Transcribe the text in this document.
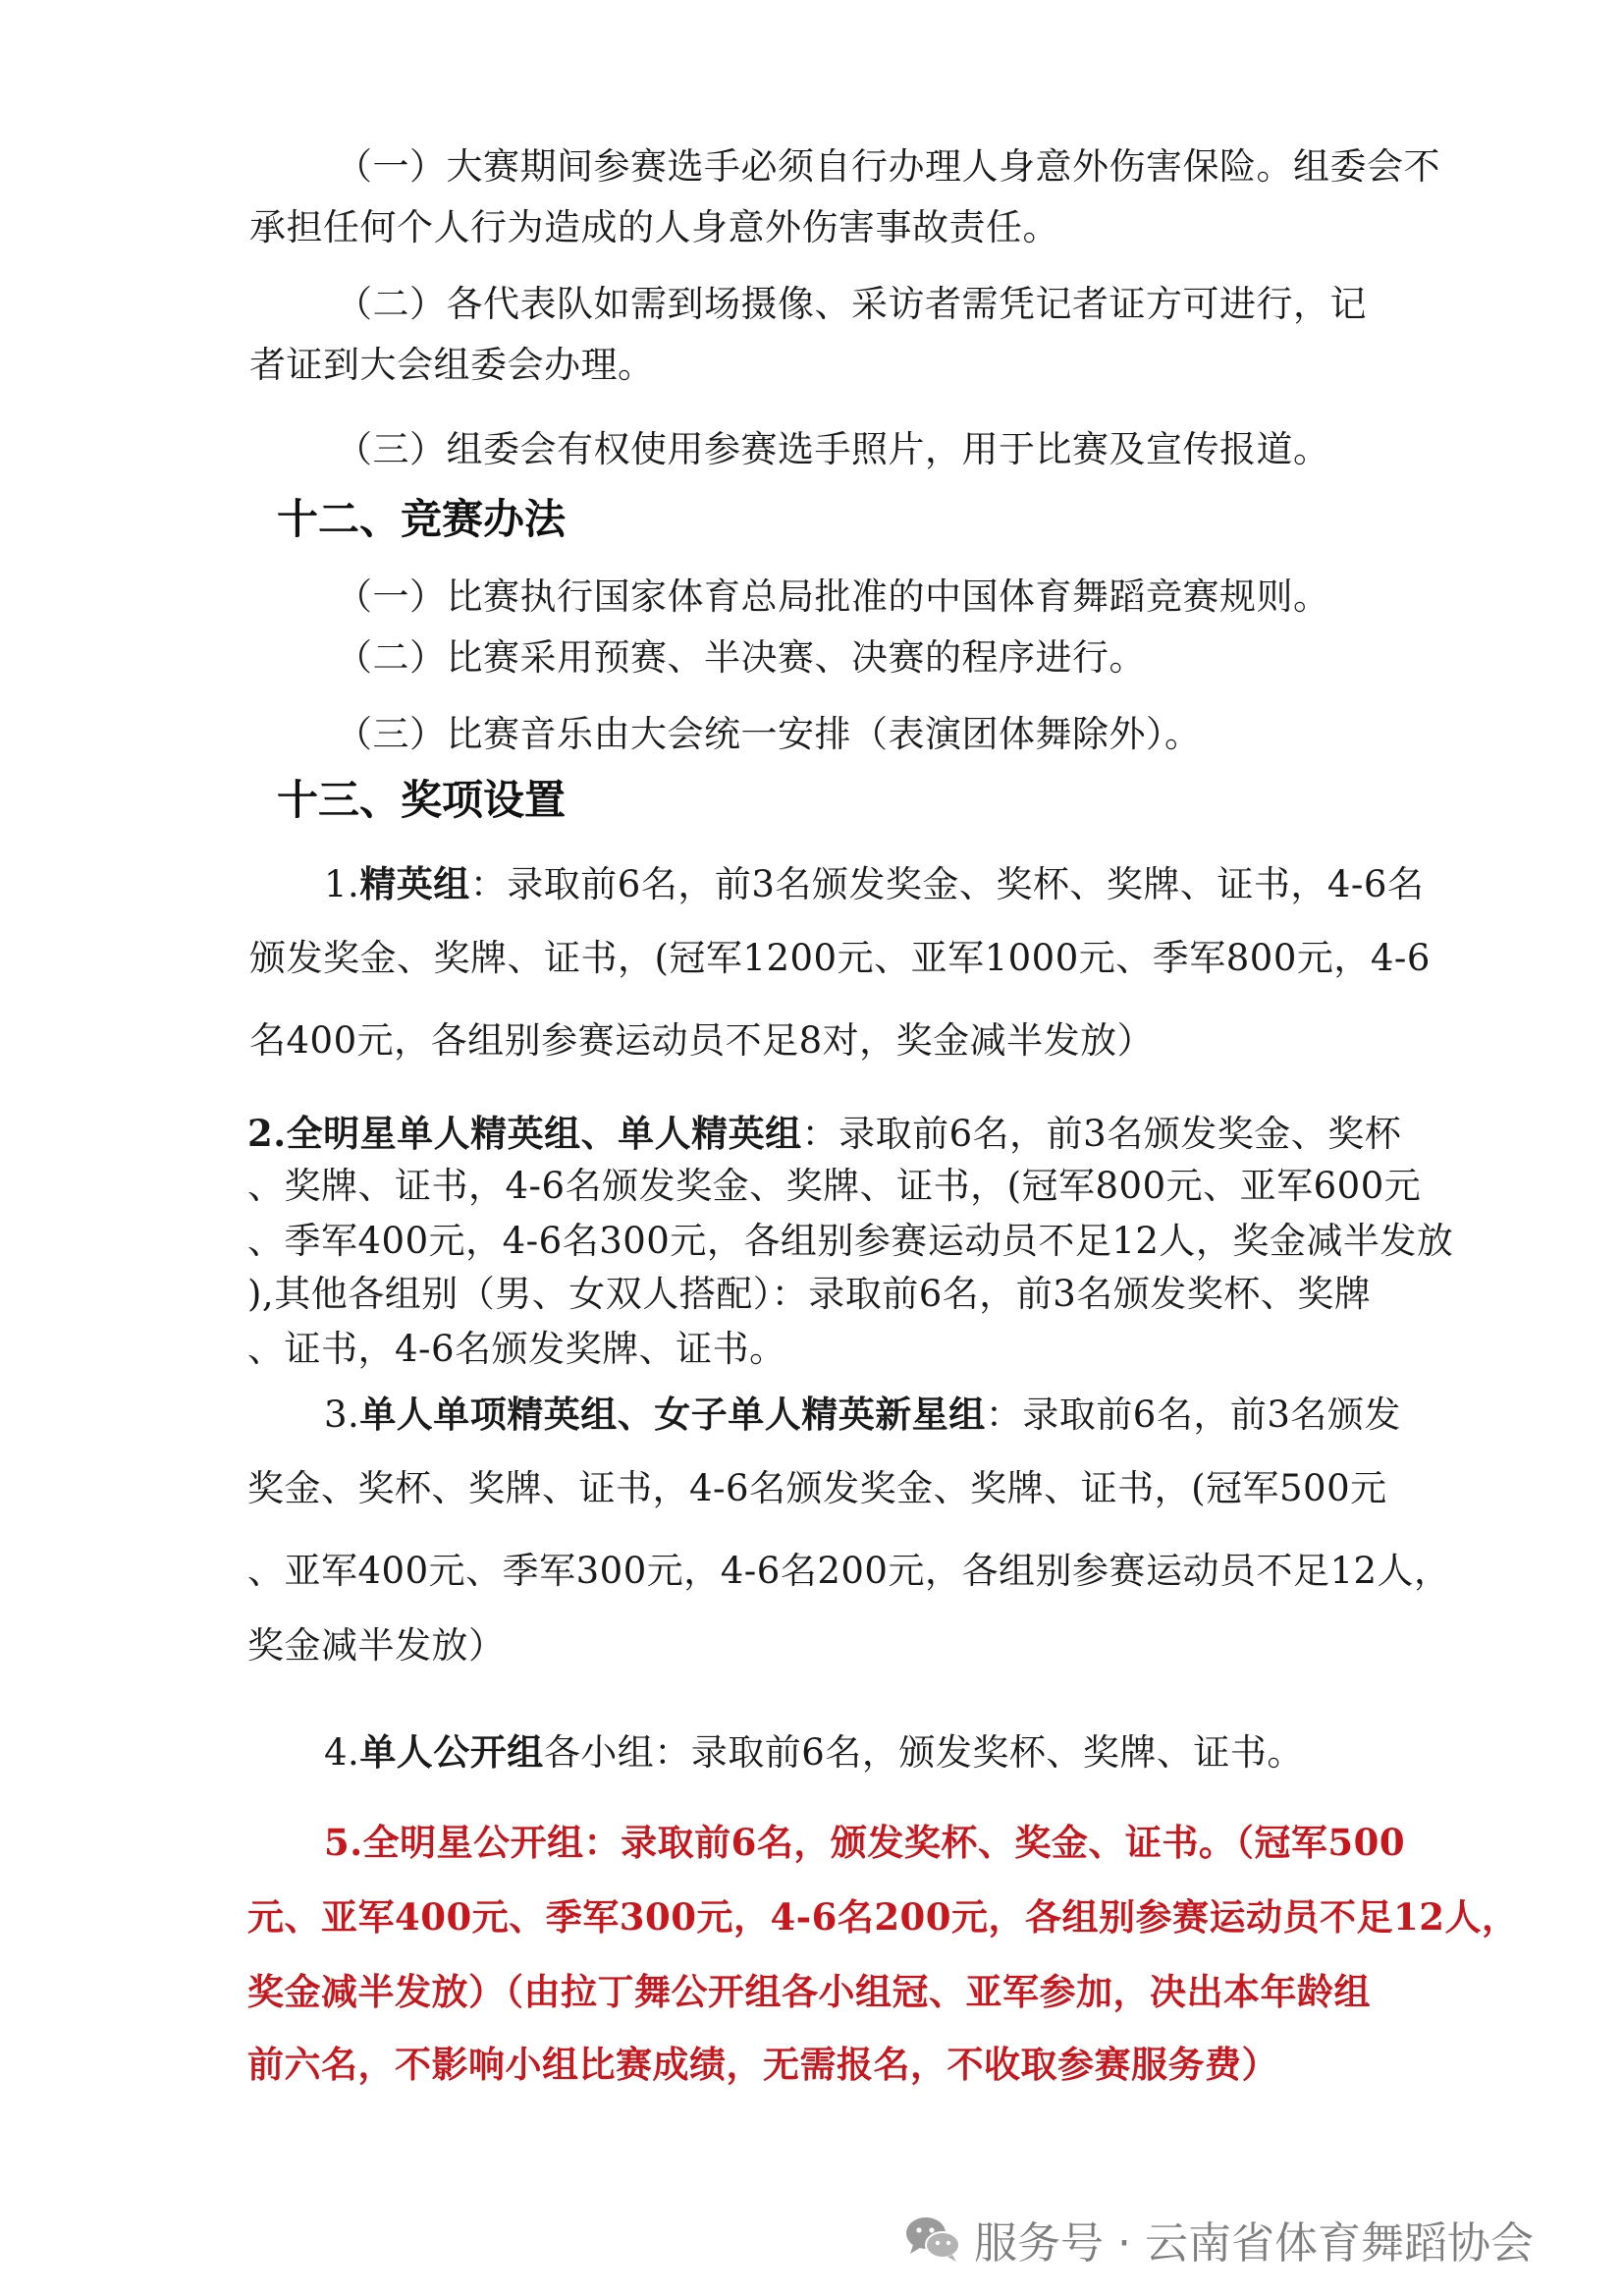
（一）大赛期间参赛选手必须自行办理人身意外伤害保险。组委会不
承担任何个人行为造成的人身意外伤害事故责任。
（二）各代表队如需到场摄像、采访者需凭记者证方可进行，记
者证到大会组委会办理。
（三）组委会有权使用参赛选手照片，用于比赛及宣传报道。
十二、竞赛办法
（一）比赛执行国家体育总局批准的中国体育舞蹈竞赛规则。
（二）比赛采用预赛、半决赛、决赛的程序进行。
（三）比赛音乐由大会统一安排（表演团体舞除外）。
十三、奖项设置
1.精英组：录取前6名，前3名颁发奖金、奖杯、奖牌、证书，4-6名
颁发奖金、奖牌、证书，(冠军1200元、亚军1000元、季军800元，4-6
名400元，各组别参赛运动员不足8对，奖金减半发放）
2.全明星单人精英组、单人精英组：录取前6名，前3名颁发奖金、奖杯
、奖牌、证书，4-6名颁发奖金、奖牌、证书，(冠军800元、亚军600元
、季军400元，4-6名300元，各组别参赛运动员不足12人，奖金减半发放
),其他各组别（男、女双人搭配）：录取前6名，前3名颁发奖杯、奖牌
、证书，4-6名颁发奖牌、证书。
3.单人单项精英组、女子单人精英新星组：录取前6名，前3名颁发
奖金、奖杯、奖牌、证书，4-6名颁发奖金、奖牌、证书，(冠军500元
、亚军400元、季军300元，4-6名200元，各组别参赛运动员不足12人，
奖金减半发放）
4.单人公开组各小组：录取前6名，颁发奖杯、奖牌、证书。
5.全明星公开组：录取前6名，颁发奖杯、奖金、证书。（冠军500
元、亚军400元、季军300元，4-6名200元，各组别参赛运动员不足12人，
奖金减半发放）（由拉丁舞公开组各小组冠、亚军参加，决出本年龄组
前六名，不影响小组比赛成绩，无需报名，不收取参赛服务费）
服务号 · 云南省体育舞蹈协会
